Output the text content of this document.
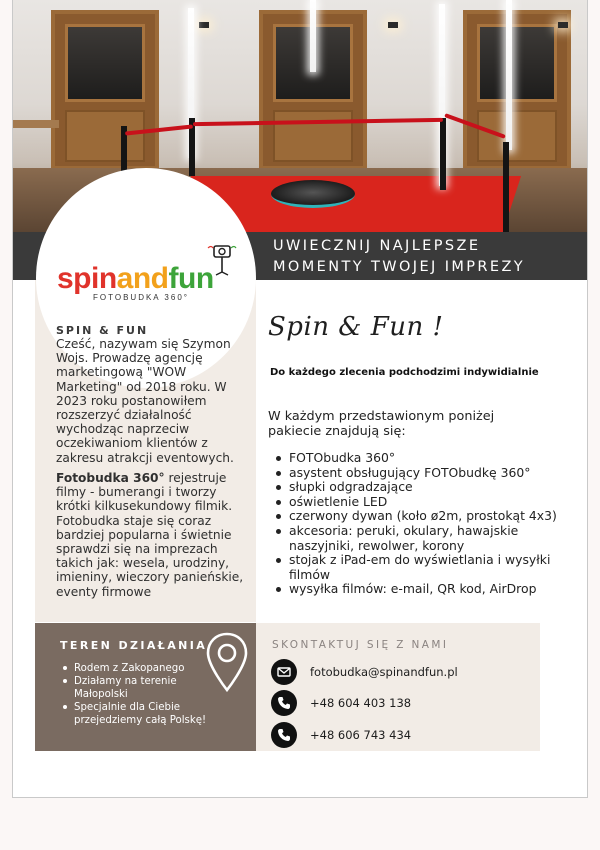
UWIECZNIJ NAJLEPSZE
MOMENTY TWOJEJ IMPREZY
spinandfun
FOTOBUDKA 360°
SPIN & FUN

Cześć, nazywam się Szymon Wojs. Prowadzę agencję marketingową "WOW Marketing" od 2018 roku. W 2023 roku postanowiłem rozszerzyć działalność wychodząc naprzeciw oczekiwaniom klientów z zakresu atrakcji eventowych.

Fotobudka 360° rejestruje filmy - bumerangi i tworzy krótki kilkusekundowy filmik. Fotobudka staje się coraz bardziej popularna i świetnie sprawdzi się na imprezach takich jak: wesela, urodziny, imieniny, wieczory panieńskie, eventy firmowe

Spin & Fun !
Do każdego zlecenia podchodzimi indywidialnie

W każdym przedstawionym poniżej pakiecie znajdują się:

FOTObudka 360°
asystent obsługujący FOTObudkę 360°
słupki odgradzające
oświetlenie LED
czerwony dywan (koło ø2m, prostokąt 4x3)
akcesoria: peruki, okulary, hawajskie naszyjniki, rewolwer, korony
stojak z iPad-em do wyświetlania i wysyłki filmów
wysyłka filmów: e-mail, QR kod, AirDrop
TEREN DZIAŁANIA
Rodem z Zakopanego
Działamy na terenie Małopolski
Specjalnie dla Ciebie przejedziemy całą Polskę!
SKONTAKTUJ SIĘ Z NAMI
fotobudka@spinandfun.pl
+48 604 403 138
+48 606 743 434
